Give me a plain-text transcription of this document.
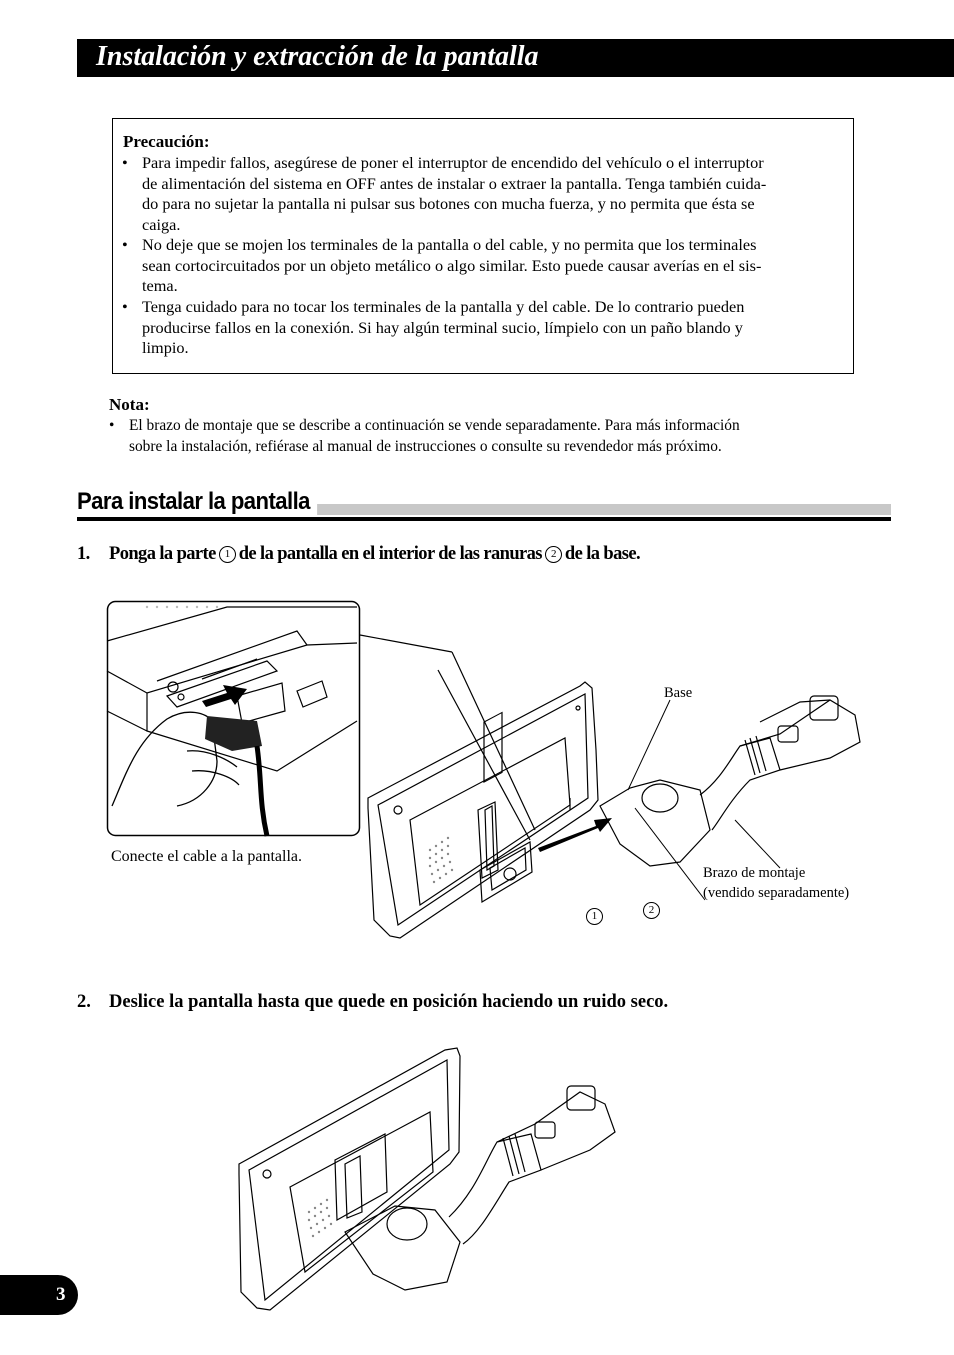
Instalación y extracción de la pantalla
Precaución:
• Para impedir fallos, asegúrese de poner el interruptor de encendido del vehículo o el interruptor
de alimentación del sistema en OFF antes de instalar o extraer la pantalla. Tenga también cuida-
do para no sujetar la pantalla ni pulsar sus botones con mucha fuerza, y no permita que ésta se
caiga.
• No deje que se mojen los terminales de la pantalla o del cable, y no permita que los terminales
sean cortocircuitados por un objeto metálico o algo similar. Esto puede causar averías en el sis-
tema.
• Tenga cuidado para no tocar los terminales de la pantalla y del cable. De lo contrario pueden
producirse fallos en la conexión. Si hay algún terminal sucio, límpielo con un paño blando y
limpio.
Nota:
• El brazo de montaje que se describe a continuación se vende separadamente. Para más información
sobre la instalación, refiérase al manual de instrucciones o consulte su revendedor más próximo.
Para instalar la pantalla
1. Ponga la parte 1 de la pantalla en el interior de las ranuras 2 de la base.
Conecte el cable a la pantalla.
Base
Brazo de montaje
(vendido separadamente)
1	2
2. Deslice la pantalla hasta que quede en posición haciendo un ruido seco.
3
